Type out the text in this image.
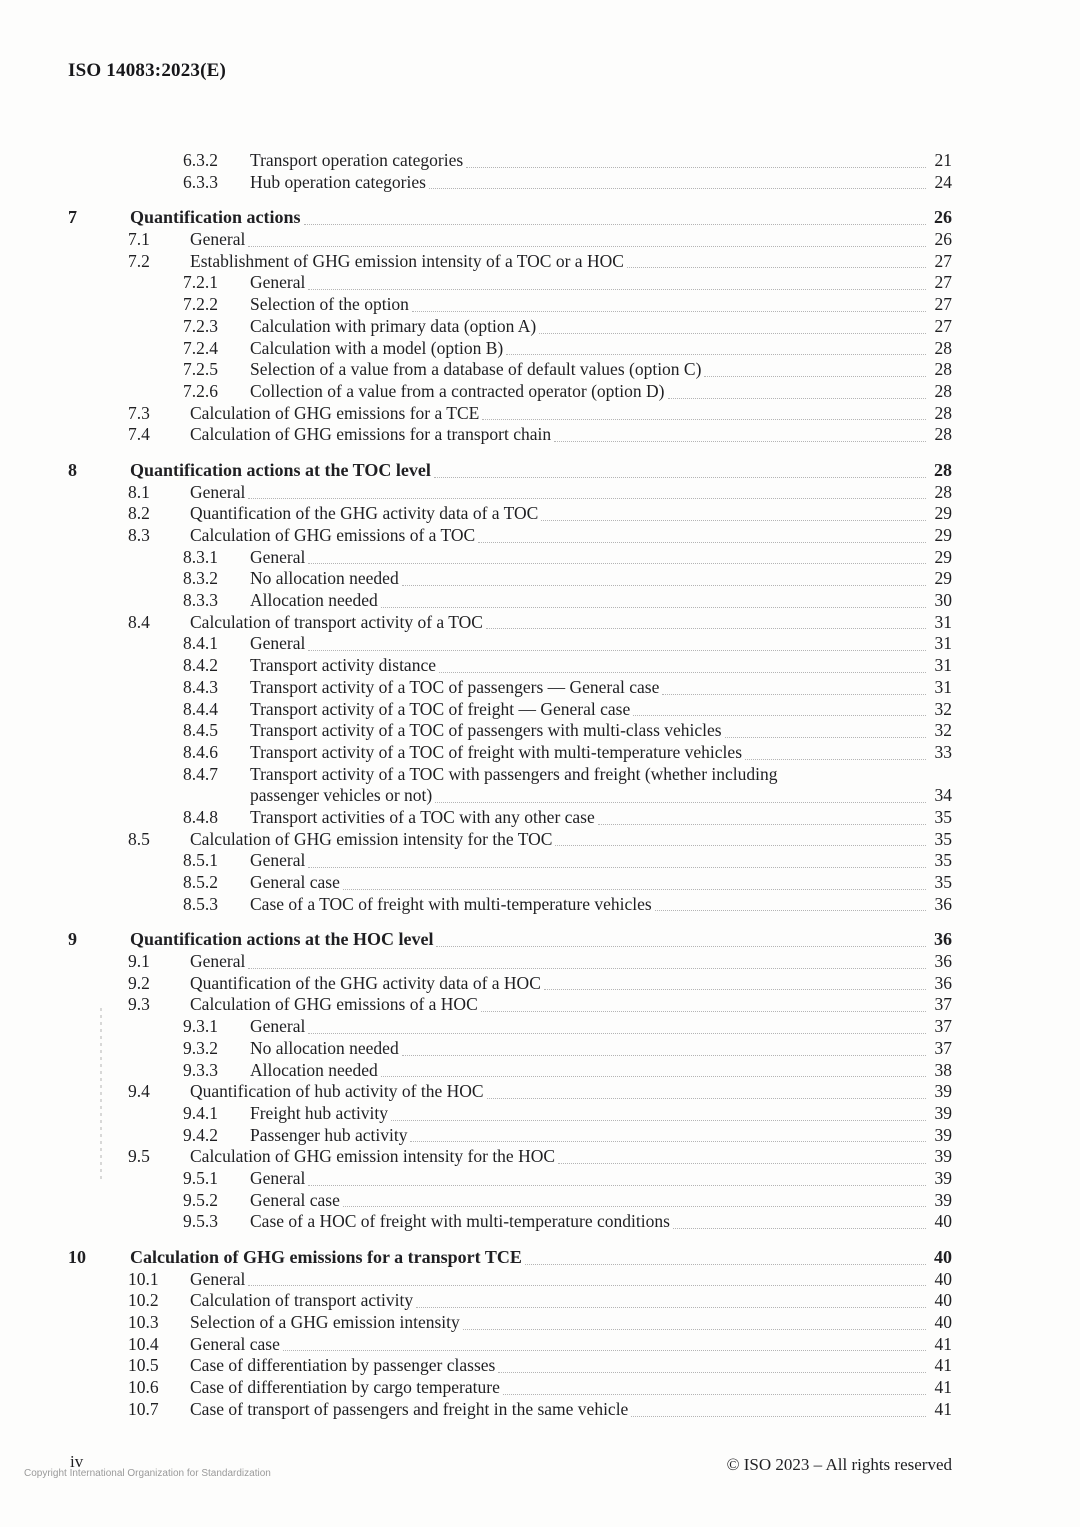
ISO 14083:2023(E)
6.3.2 Transport operation categories	21
6.3.3 Hub operation categories	24
7	Quantification actions	26
7.1 General	26
7.2 Establishment of GHG emission intensity of a TOC or a HOC	27
7.2.1 General	27
7.2.2 Selection of the option	27
7.2.3 Calculation with primary data (option A)	27
7.2.4 Calculation with a model (option B)	28
7.2.5 Selection of a value from a database of default values (option C)	28
7.2.6 Collection of a value from a contracted operator (option D)	28
7.3 Calculation of GHG emissions for a TCE	28
7.4 Calculation of GHG emissions for a transport chain	28
8	Quantification actions at the TOC level	28
8.1 General	28
8.2 Quantification of the GHG activity data of a TOC	29
8.3 Calculation of GHG emissions of a TOC	29
8.3.1 General	29
8.3.2 No allocation needed	29
8.3.3 Allocation needed	30
8.4 Calculation of transport activity of a TOC	31
8.4.1 General	31
8.4.2 Transport activity distance	31
8.4.3 Transport activity of a TOC of passengers — General case	31
8.4.4 Transport activity of a TOC of freight — General case	32
8.4.5 Transport activity of a TOC of passengers with multi-class vehicles	32
8.4.6 Transport activity of a TOC of freight with multi-temperature vehicles	33
8.4.7 Transport activity of a TOC with passengers and freight (whether including
passenger vehicles or not)	34
8.4.8 Transport activities of a TOC with any other case	35
8.5 Calculation of GHG emission intensity for the TOC	35
8.5.1 General	35
8.5.2 General case	35
8.5.3 Case of a TOC of freight with multi-temperature vehicles	36
9	Quantification actions at the HOC level	36
9.1 General	36
9.2 Quantification of the GHG activity data of a HOC	36
9.3 Calculation of GHG emissions of a HOC	37
9.3.1 General	37
9.3.2 No allocation needed	37
9.3.3 Allocation needed	38
9.4 Quantification of hub activity of the HOC	39
9.4.1 Freight hub activity	39
9.4.2 Passenger hub activity	39
9.5 Calculation of GHG emission intensity for the HOC	39
9.5.1 General	39
9.5.2 General case	39
9.5.3 Case of a HOC of freight with multi-temperature conditions	40
10 Calculation of GHG emissions for a transport TCE	40
10.1 General	40
10.2 Calculation of transport activity	40
10.3 Selection of a GHG emission intensity	40
10.4 General case	41
10.5 Case of differentiation by passenger classes	41
10.6 Case of differentiation by cargo temperature	41
10.7 Case of transport of passengers and freight in the same vehicle	41
iv
Copyright International Organization for Standardization	© ISO 2023 – All rights reserved
